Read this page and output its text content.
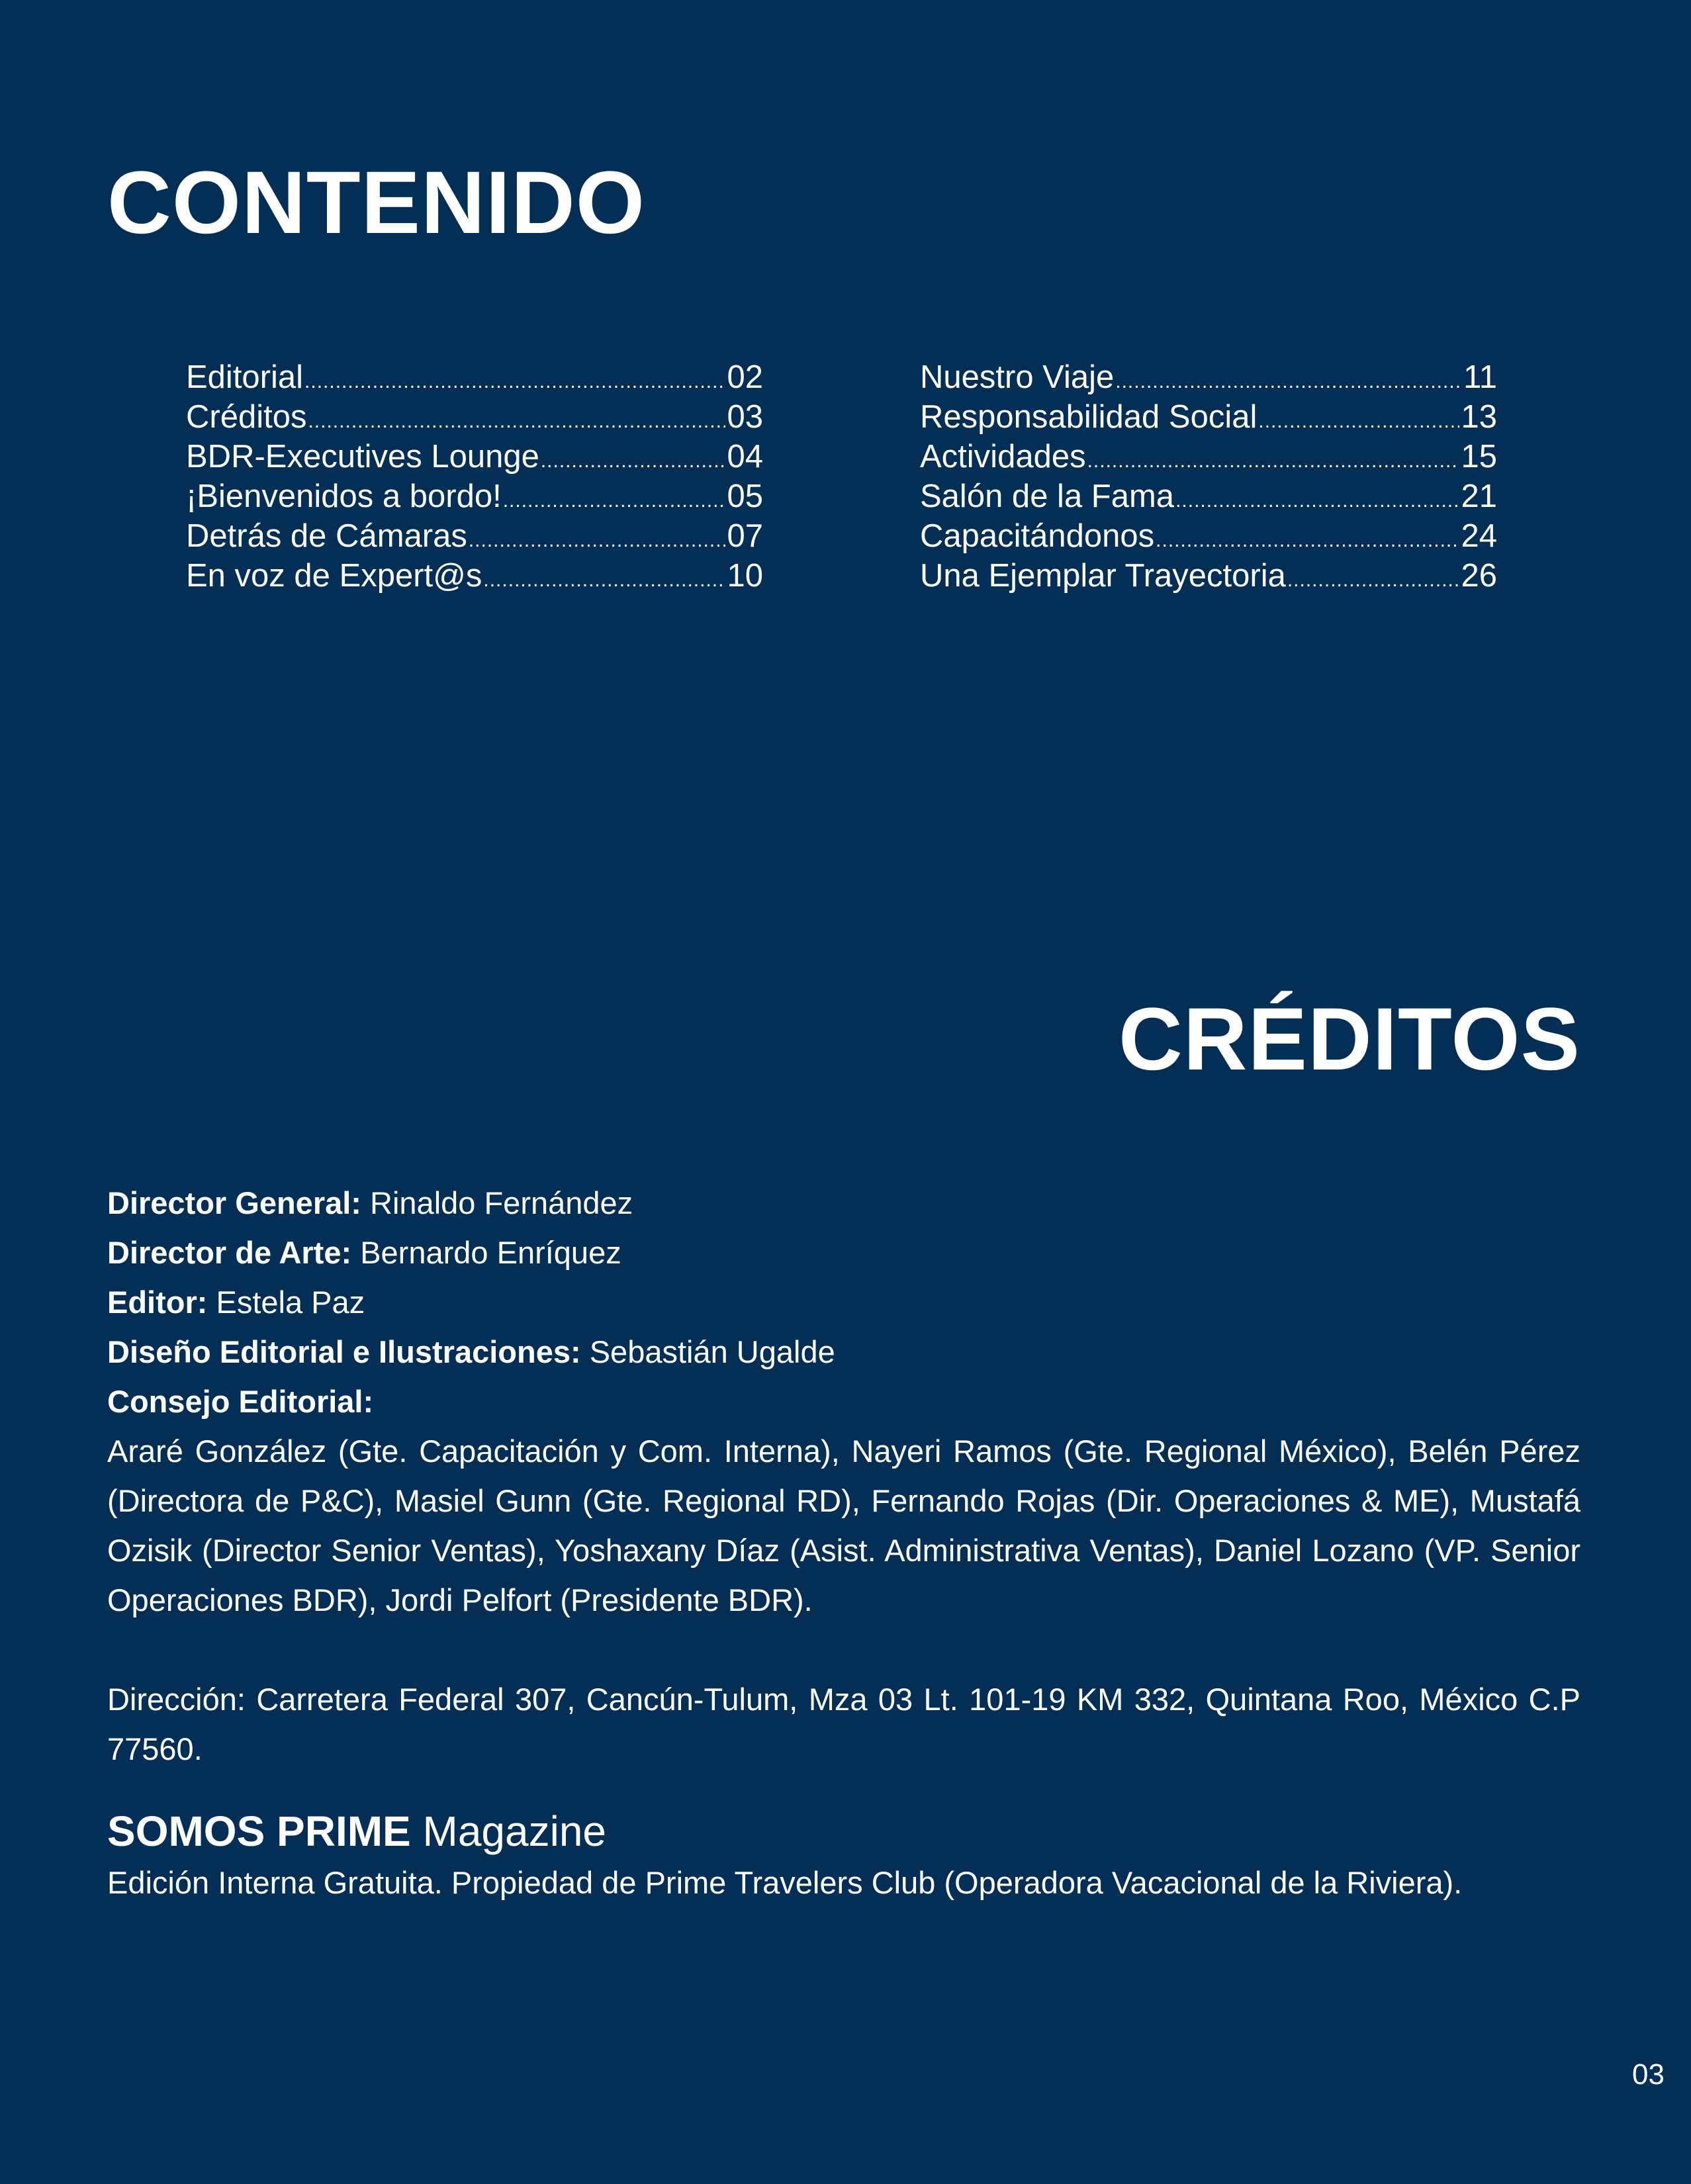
CONTENIDO
Editorial .....	02
Créditos .....	03
BDR-Executives Lounge .....	04
¡Bienvenidos a bordo! .....	05
Detrás de Cámaras .....	07
En voz de Expert@s .....	10
Nuestro Viaje .....	11
Responsabilidad Social .....	13
Actividades .....	15
Salón de la Fama .....	21
Capacitándonos .....	24
Una Ejemplar Trayectoria .....	26
CRÉDITOS

Director General: Rinaldo Fernández

Director de Arte: Bernardo Enríquez

Editor: Estela Paz

Diseño Editorial e Ilustraciones: Sebastián Ugalde

Consejo Editorial:

Araré González (Gte. Capacitación y Com. Interna), Nayeri Ramos (Gte. Regional México), Belén Pérez (Directora de P&C), Masiel Gunn (Gte. Regional RD), Fernando Rojas (Dir. Operaciones & ME), Mustafá Ozisik (Director Senior Ventas), Yoshaxany Díaz (Asist. Administrativa Ventas), Daniel Lozano (VP. Senior Operaciones BDR), Jordi Pelfort (Presidente BDR).

Dirección: Carretera Federal 307, Cancún-Tulum, Mza 03 Lt. 101-19 KM 332, Quintana Roo, México C.P 77560.

SOMOS PRIME Magazine

Edición Interna Gratuita. Propiedad de Prime Travelers Club (Operadora Vacacional de la Riviera).

03
